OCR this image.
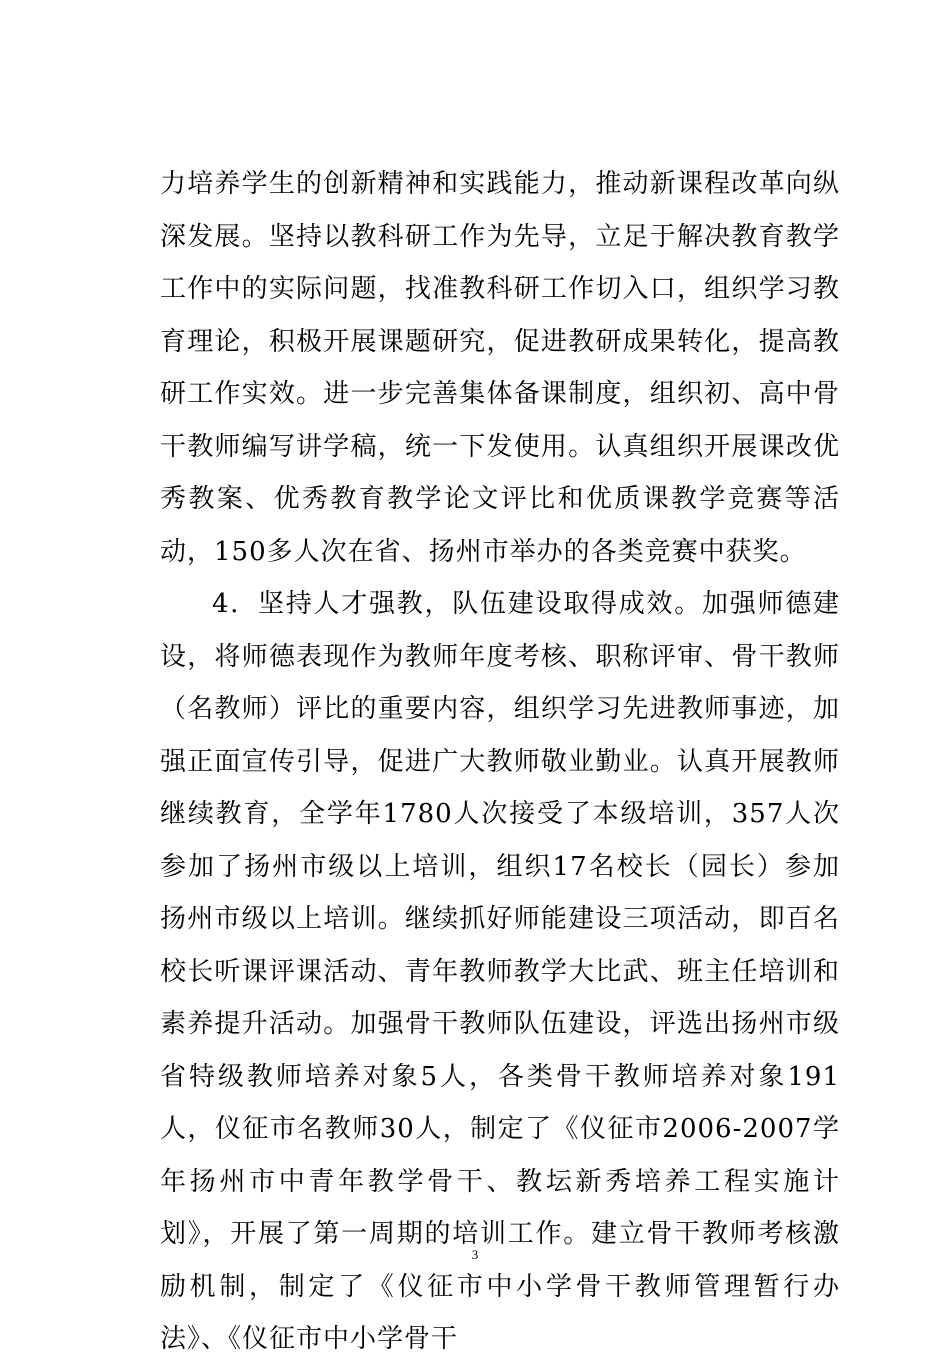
力培养学生的创新精神和实践能力，推动新课程改革向纵深发展。坚持以教科研工作为先导，立足于解决教育教学工作中的实际问题，找准教科研工作切入口，组织学习教育理论，积极开展课题研究，促进教研成果转化，提高教研工作实效。进一步完善集体备课制度，组织初、高中骨干教师编写讲学稿，统一下发使用。认真组织开展课改优秀教案、优秀教育教学论文评比和优质课教学竞赛等活动，150多人次在省、扬州市举办的各类竞赛中获奖。

4．坚持人才强教，队伍建设取得成效。加强师德建设，将师德表现作为教师年度考核、职称评审、骨干教师（名教师）评比的重要内容，组织学习先进教师事迹，加强正面宣传引导，促进广大教师敬业勤业。认真开展教师继续教育，全学年1780人次接受了本级培训，357人次参加了扬州市级以上培训，组织17名校长（园长）参加扬州市级以上培训。继续抓好师能建设三项活动，即百名校长听课评课活动、青年教师教学大比武、班主任培训和素养提升活动。加强骨干教师队伍建设，评选出扬州市级省特级教师培养对象5人，各类骨干教师培养对象191人，仪征市名教师30人，制定了《仪征市2006-2007学年扬州市中青年教学骨干、教坛新秀培养工程实施计划》，开展了第一周期的培训工作。建立骨干教师考核激励机制，制定了《仪征市中小学骨干教师管理暂行办法》、《仪征市中小学骨干

3
